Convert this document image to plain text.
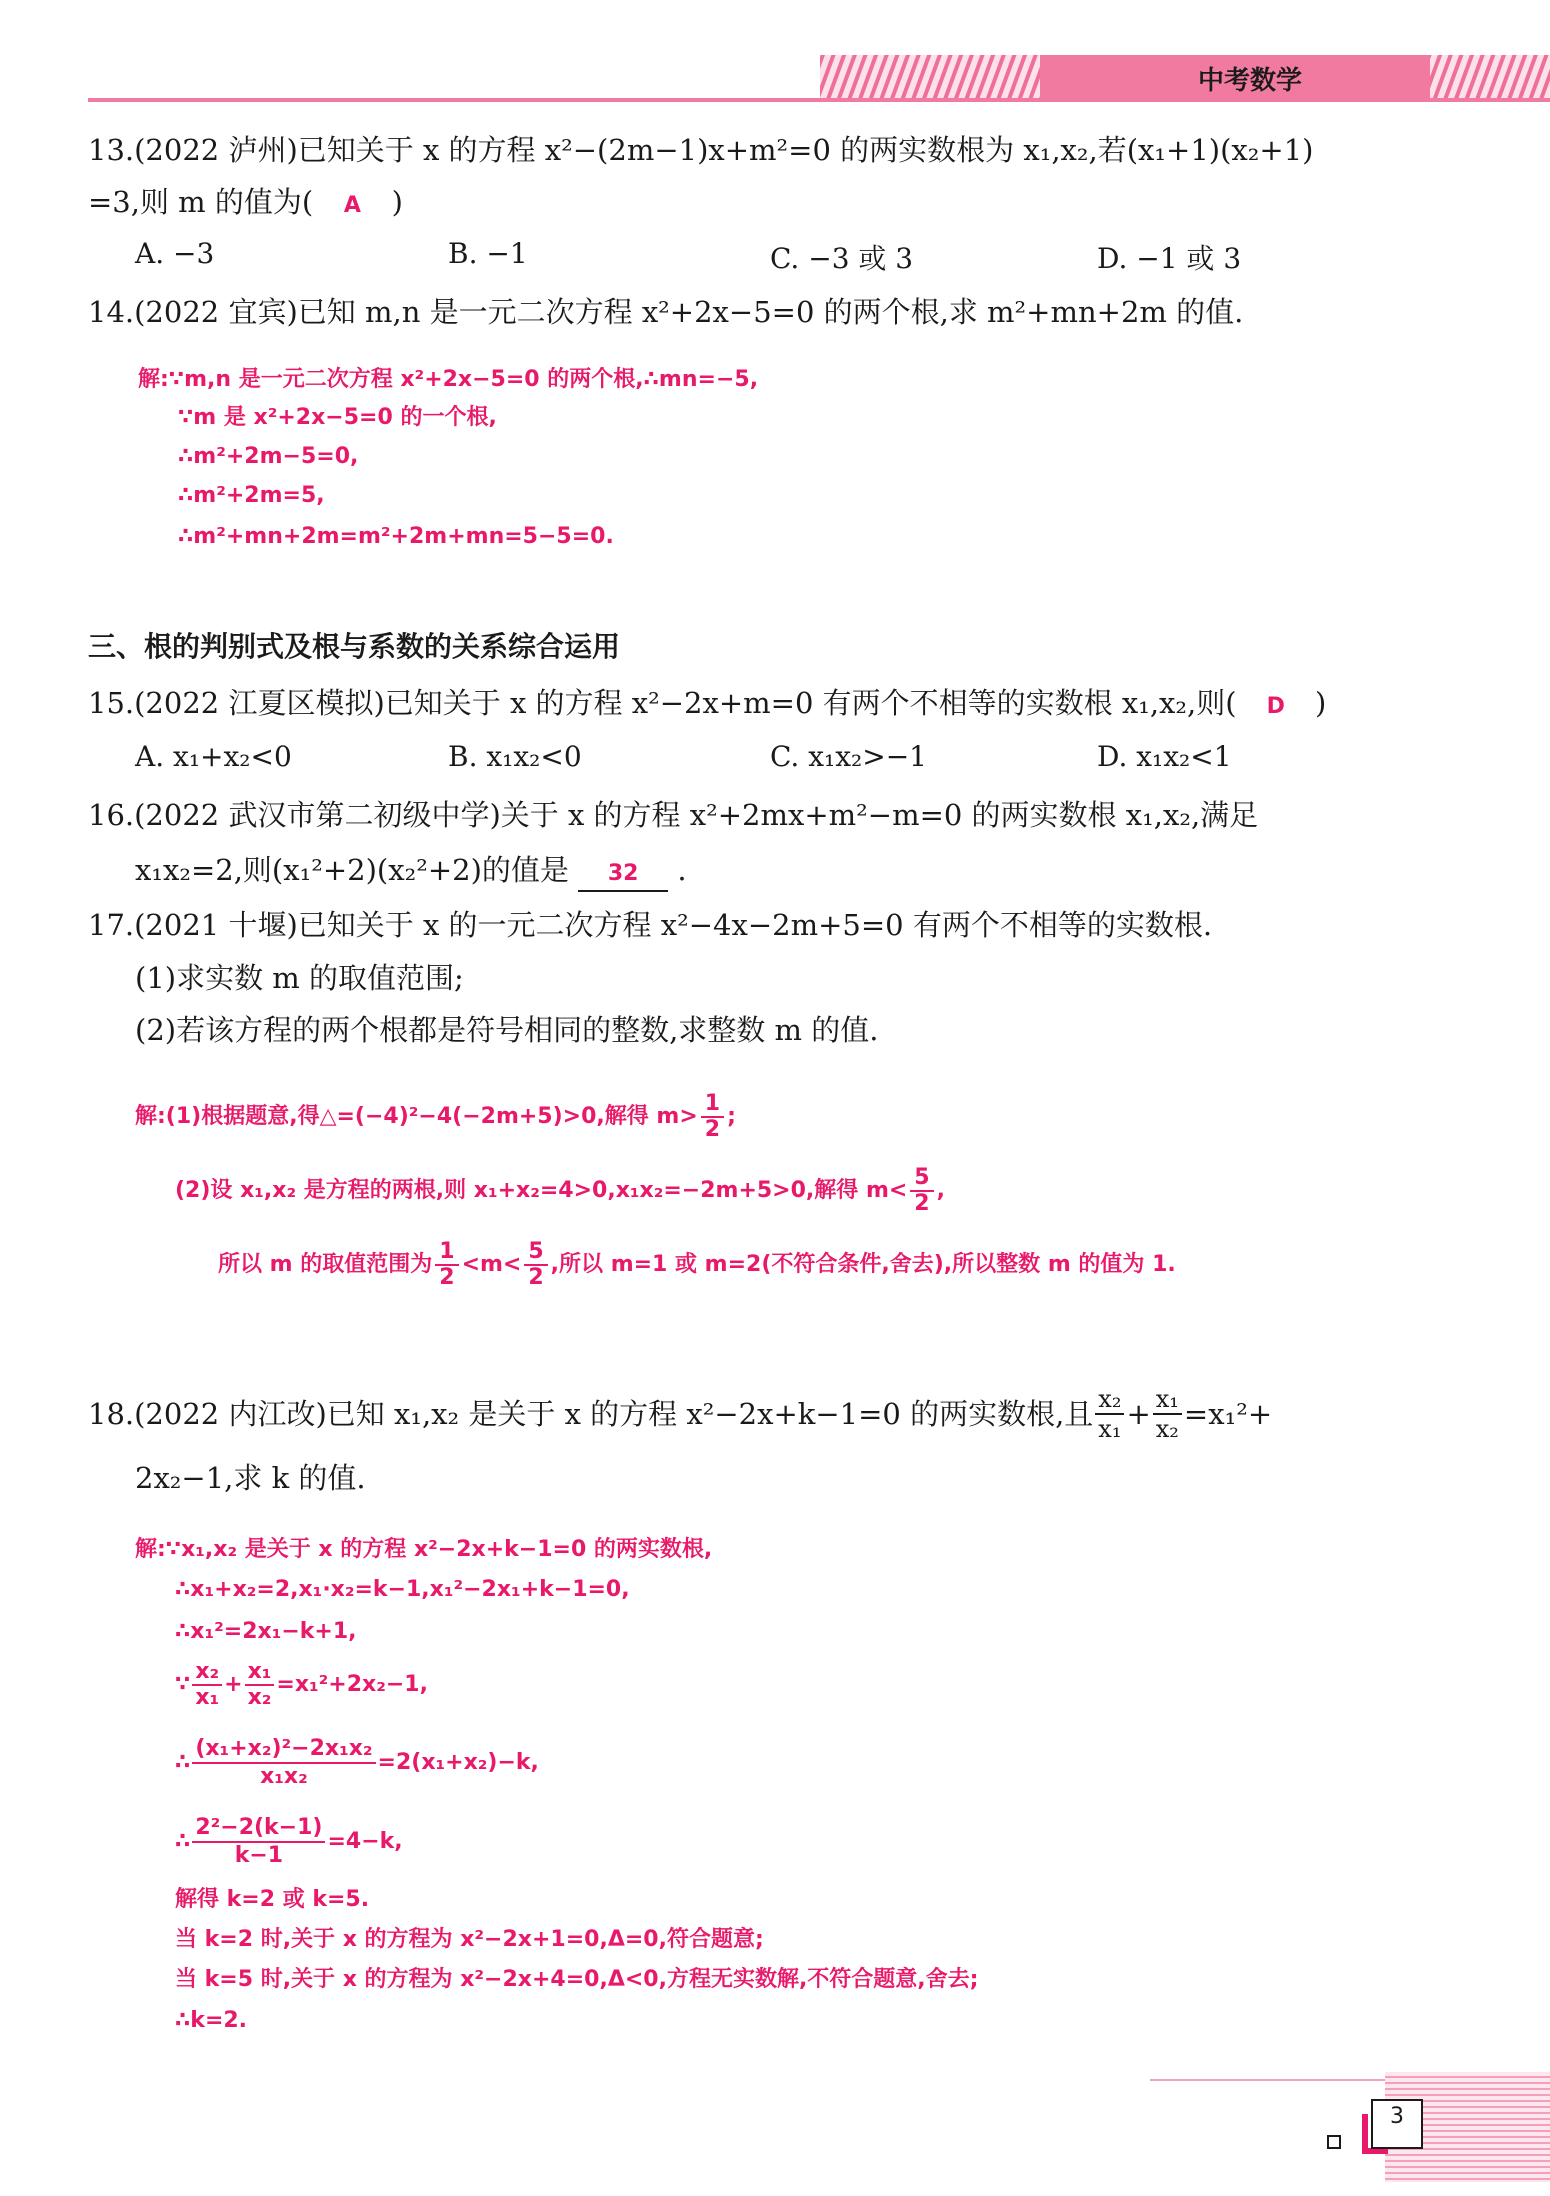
中考数学
13.(2022 泸州)已知关于 x 的方程 x²−(2m−1)x+m²=0 的两实数根为 x₁,x₂,若(x₁+1)(x₂+1)
=3,则 m 的值为( A )
A. −3	B. −1	C. −3 或 3	D. −1 或 3
14.(2022 宜宾)已知 m,n 是一元二次方程 x²+2x−5=0 的两个根,求 m²+mn+2m 的值.
解:∵m,n 是一元二次方程 x²+2x−5=0 的两个根,∴mn=−5,
∵m 是 x²+2x−5=0 的一个根,
∴m²+2m−5=0,
∴m²+2m=5,
∴m²+mn+2m=m²+2m+mn=5−5=0.
三、根的判别式及根与系数的关系综合运用
15.(2022 江夏区模拟)已知关于 x 的方程 x²−2x+m=0 有两个不相等的实数根 x₁,x₂,则( D )
A. x₁+x₂<0	B. x₁x₂<0	C. x₁x₂>−1	D. x₁x₂<1
16.(2022 武汉市第二初级中学)关于 x 的方程 x²+2mx+m²−m=0 的两实数根 x₁,x₂,满足
x₁x₂=2,则(x₁²+2)(x₂²+2)的值是 32 .
17.(2021 十堰)已知关于 x 的一元二次方程 x²−4x−2m+5=0 有两个不相等的实数根.
(1)求实数 m 的取值范围;
(2)若该方程的两个根都是符号相同的整数,求整数 m 的值.
解:(1)根据题意,得△=(−4)²−4(−2m+5)>0,解得 $m> \frac{1}{2}$ ;
(2)设 x₁,x₂ 是方程的两根,则 x₁+x₂=4>0,x₁x₂=−2m+5>0,解得 $m< \frac{5}{2}$ ,
所以 m 的取值范围为 $\frac{1}{2} <m< \frac{5}{2}$ ,所以 m=1 或 m=2(不符合条件,舍去),所以整数 m 的值为 1.
18.(2022 内江改)已知 x₁,x₂ 是关于 x 的方程 x²−2x+k−1=0 的两实数根,且 $\frac{\text{x₂}}{\text{x₁}} + \frac{\text{x₁}}{\text{x₂}} =x_1^2+$
2x₂−1,求 k 的值.
解:∵x₁,x₂ 是关于 x 的方程 x²−2x+k−1=0 的两实数根,
∴x₁+x₂=2,x₁·x₂=k−1,x₁²−2x₁+k−1=0,
∴x₁²=2x₁−k+1,
∵ $\frac{\text{x₂}}{\text{x₁}} + \frac{\text{x₁}}{\text{x₂}} =x_1^2+2x_2-1$,
∴ $\frac{\text{(x₁+x₂)²−2x₁x₂}}{\text{x₁x₂}} =2(x_1+x_2)-k$,
∴ $\frac{\text{2²−2(k−1)}}{k-1} =4-k$,
解得 k=2 或 k=5.
当 k=2 时,关于 x 的方程为 x²−2x+1=0,Δ=0,符合题意;
当 k=5 时,关于 x 的方程为 x²−2x+4=0,Δ<0,方程无实数解,不符合题意,舍去;
∴k=2.
3
